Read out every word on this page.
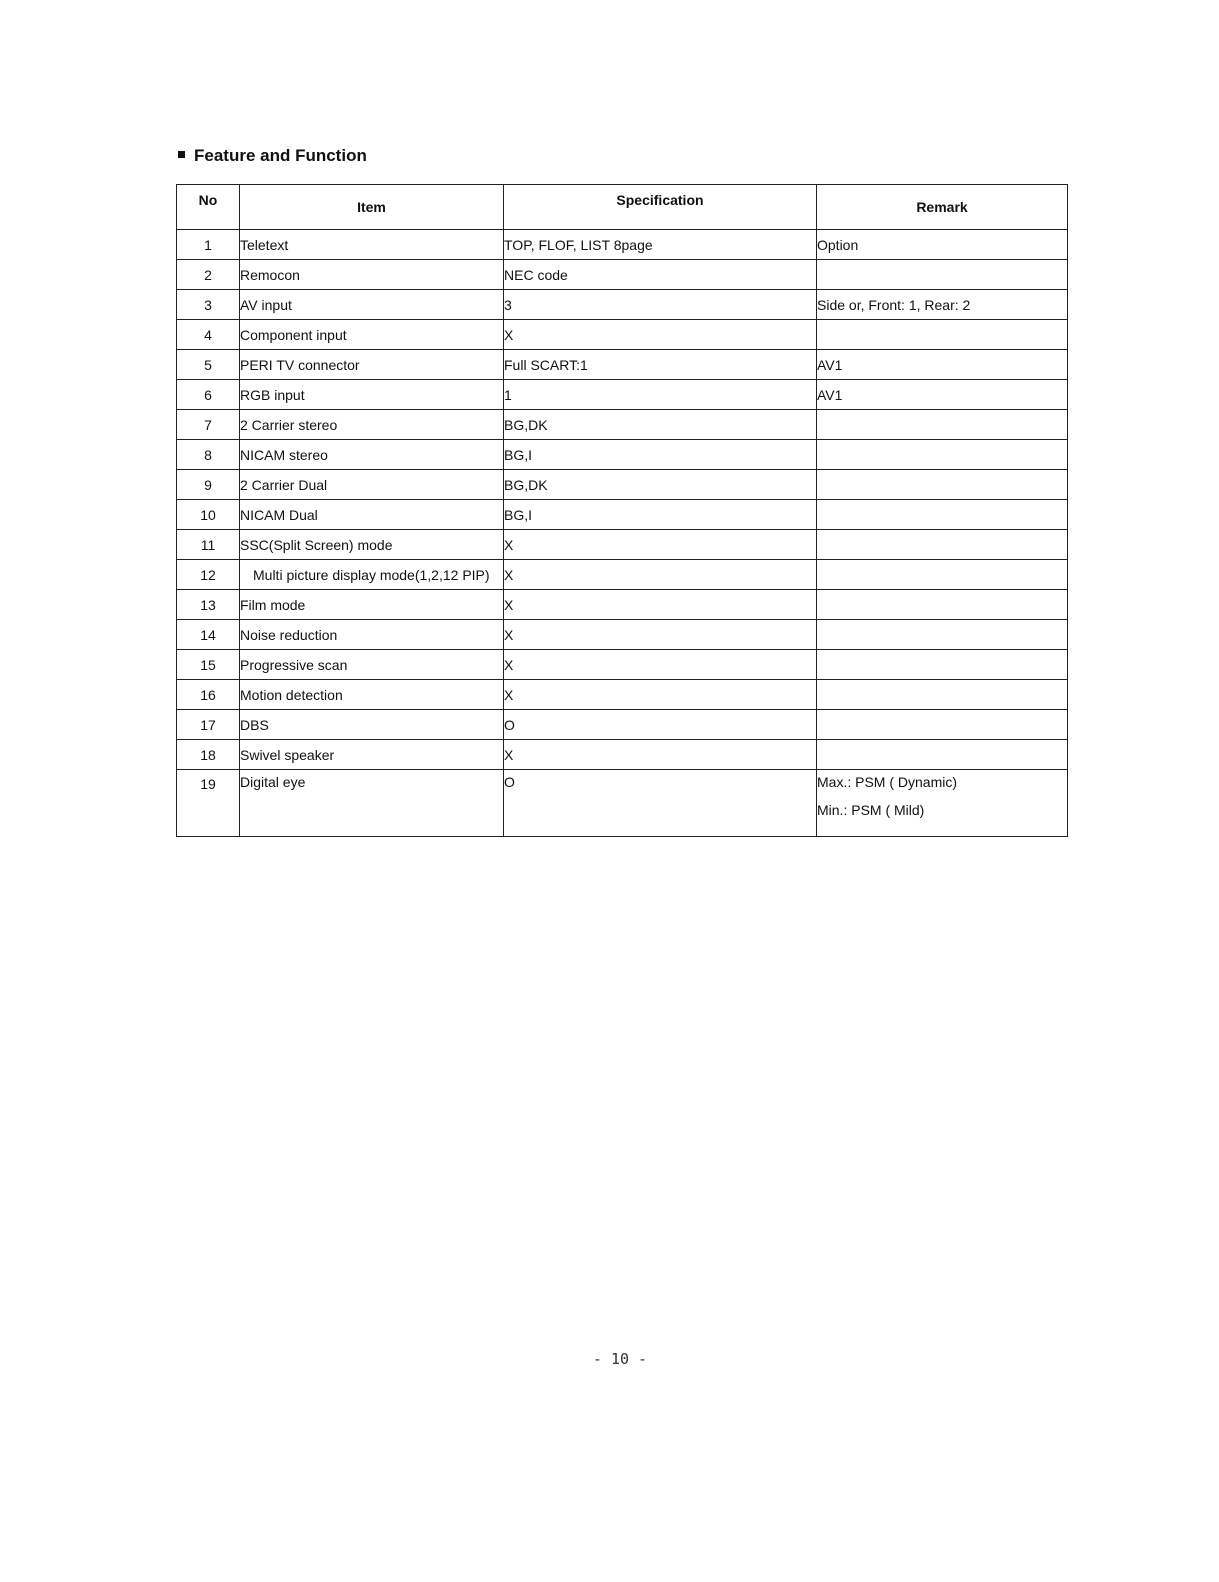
Feature and Function
No	Item	Specification	Remark
1	Teletext	TOP, FLOF, LIST 8page	Option
2	Remocon	NEC code	
3	AV input	3	Side or, Front: 1, Rear: 2
4	Component input	X	
5	PERI TV connector	Full SCART:1	AV1
6	RGB input	1	AV1
7	2 Carrier stereo	BG,DK	
8	NICAM stereo	BG,I	
9	2 Carrier Dual	BG,DK	
10	NICAM Dual	BG,I	
11	SSC(Split Screen) mode	X	
12	Multi picture display mode(1,2,12 PIP)	X	
13	Film mode	X	
14	Noise reduction	X	
15	Progressive scan	X	
16	Motion detection	X	
17	DBS	O	
18	Swivel speaker	X	
19	Digital eye	O	Max.: PSM ( Dynamic)
Min.: PSM ( Mild)
- 10 -
